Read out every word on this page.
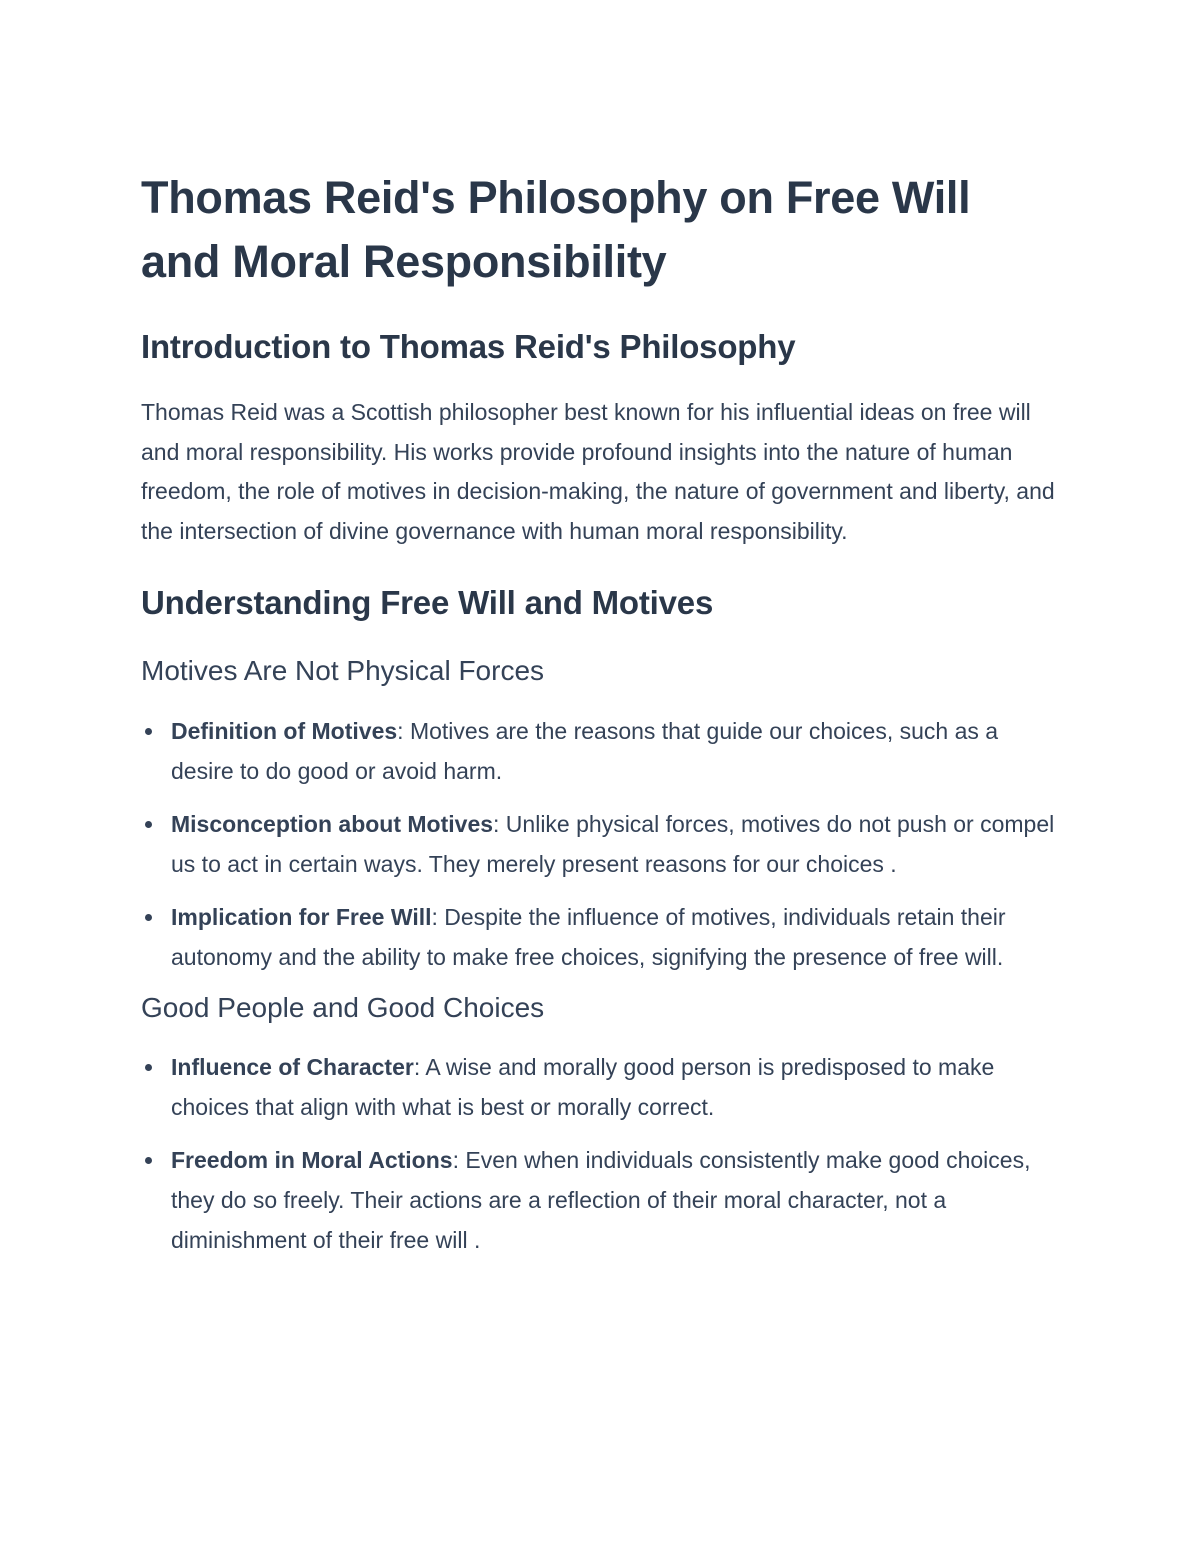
Thomas Reid's Philosophy on Free Will and Moral Responsibility
Introduction to Thomas Reid's Philosophy

Thomas Reid was a Scottish philosopher best known for his influential ideas on free will and moral responsibility. His works provide profound insights into the nature of human freedom, the role of motives in decision-making, the nature of government and liberty, and the intersection of divine governance with human moral responsibility.

Understanding Free Will and Motives
Motives Are Not Physical Forces
Definition of Motives: Motives are the reasons that guide our choices, such as a desire to do good or avoid harm.
Misconception about Motives: Unlike physical forces, motives do not push or compel us to act in certain ways. They merely present reasons for our choices .
Implication for Free Will: Despite the influence of motives, individuals retain their autonomy and the ability to make free choices, signifying the presence of free will.
Good People and Good Choices
Influence of Character: A wise and morally good person is predisposed to make choices that align with what is best or morally correct.
Freedom in Moral Actions: Even when individuals consistently make good choices, they do so freely. Their actions are a reflection of their moral character, not a diminishment of their free will .
